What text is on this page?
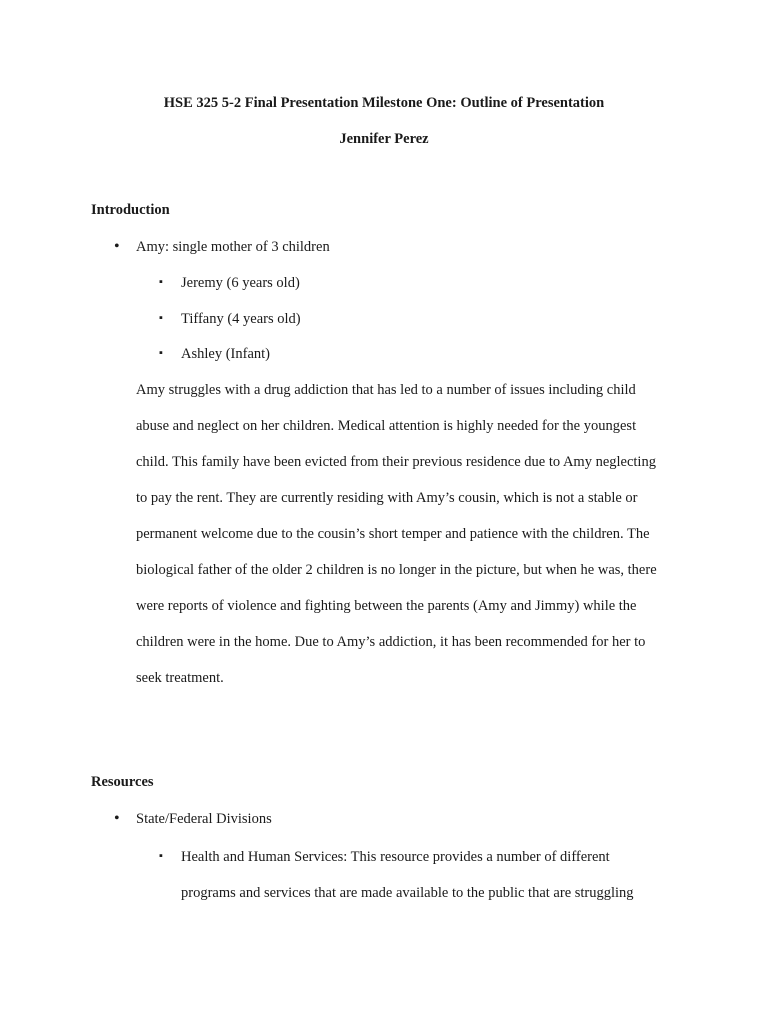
HSE 325 5-2 Final Presentation Milestone One: Outline of Presentation

Jennifer Perez

Introduction

• Amy: single mother of 3 children
▪ Jeremy (6 years old)
▪ Tiffany (4 years old)
▪ Ashley (Infant)
Amy struggles with a drug addiction that has led to a number of issues including child
abuse and neglect on her children. Medical attention is highly needed for the youngest
child. This family have been evicted from their previous residence due to Amy neglecting
to pay the rent. They are currently residing with Amy’s cousin, which is not a stable or
permanent welcome due to the cousin’s short temper and patience with the children. The
biological father of the older 2 children is no longer in the picture, but when he was, there
were reports of violence and fighting between the parents (Amy and Jimmy) while the
children were in the home. Due to Amy’s addiction, it has been recommended for her to
seek treatment.

Resources

• State/Federal Divisions
▪ Health and Human Services: This resource provides a number of different
programs and services that are made available to the public that are struggling
